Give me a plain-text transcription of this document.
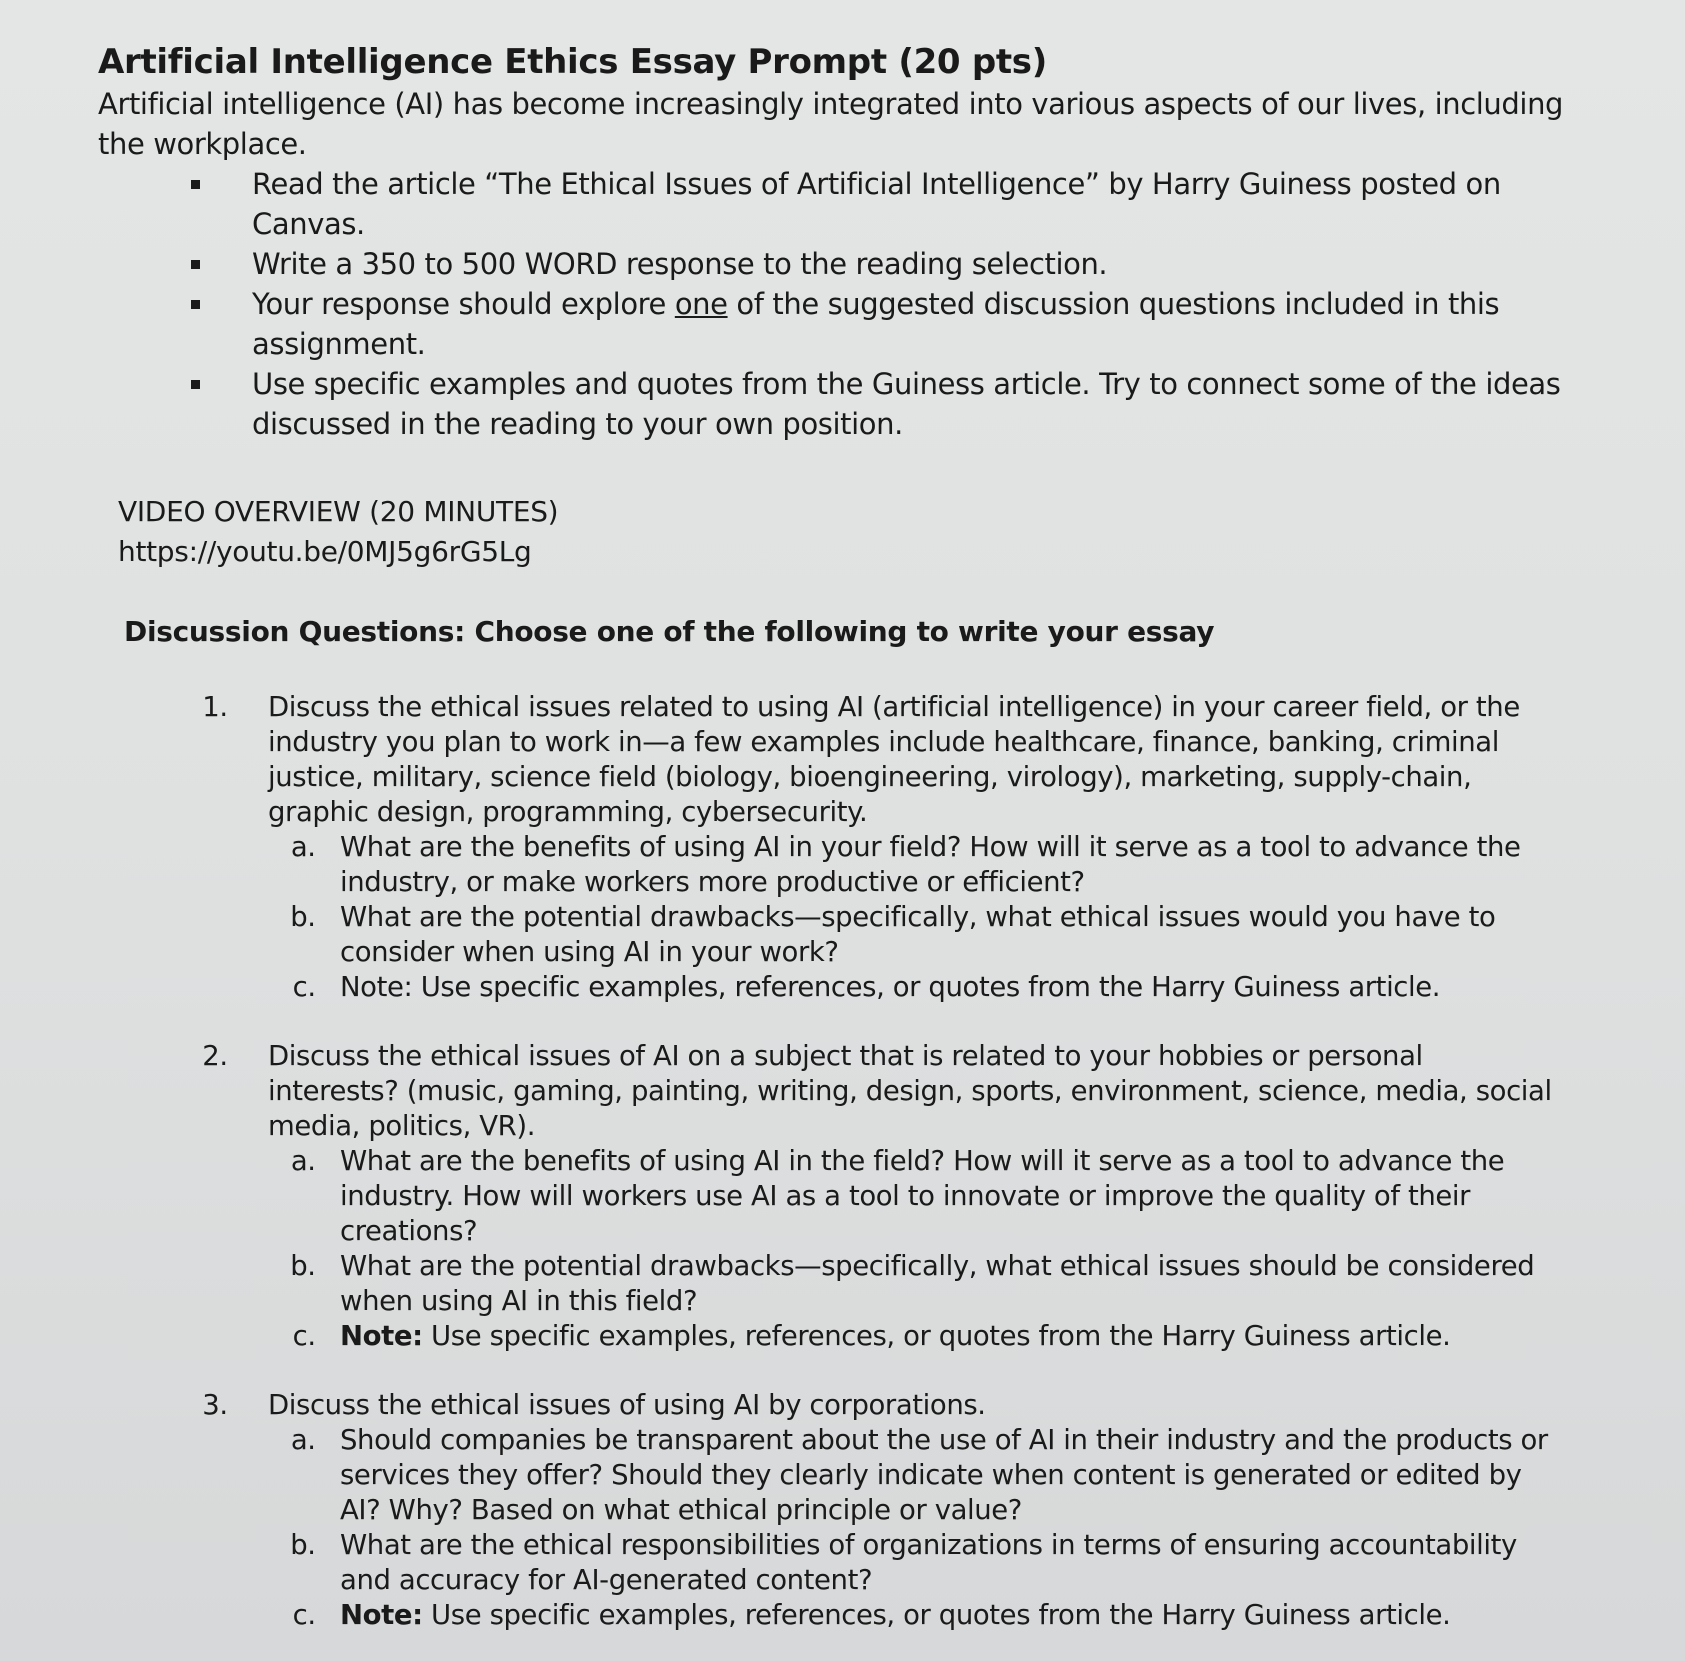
Artificial Intelligence Ethics Essay Prompt (20 pts)

Artificial intelligence (AI) has become increasingly integrated into various aspects of our lives, including the workplace.

▪ Read the article “The Ethical Issues of Artificial Intelligence” by Harry Guiness posted on Canvas.
▪ Write a 350 to 500 WORD response to the reading selection.
▪ Your response should explore one of the suggested discussion questions included in this assignment.
▪ Use specific examples and quotes from the Guiness article. Try to connect some of the ideas discussed in the reading to your own position.

VIDEO OVERVIEW (20 MINUTES)

https://youtu.be/0MJ5g6rG5Lg

Discussion Questions: Choose one of the following to write your essay

1. Discuss the ethical issues related to using AI (artificial intelligence) in your career field, or the industry you plan to work in—a few examples include healthcare, finance, banking, criminal justice, military, science field (biology, bioengineering, virology), marketing, supply-chain, graphic design, programming, cybersecurity.
a. What are the benefits of using AI in your field? How will it serve as a tool to advance the industry, or make workers more productive or efficient?
b. What are the potential drawbacks—specifically, what ethical issues would you have to consider when using AI in your work?
c. Note: Use specific examples, references, or quotes from the Harry Guiness article.
2. Discuss the ethical issues of AI on a subject that is related to your hobbies or personal interests? (music, gaming, painting, writing, design, sports, environment, science, media, social media, politics, VR).
a. What are the benefits of using AI in the field? How will it serve as a tool to advance the industry. How will workers use AI as a tool to innovate or improve the quality of their creations?
b. What are the potential drawbacks—specifically, what ethical issues should be considered when using AI in this field?
c. Note: Use specific examples, references, or quotes from the Harry Guiness article.
3. Discuss the ethical issues of using AI by corporations.
a. Should companies be transparent about the use of AI in their industry and the products or services they offer? Should they clearly indicate when content is generated or edited by AI? Why? Based on what ethical principle or value?
b. What are the ethical responsibilities of organizations in terms of ensuring accountability and accuracy for AI-generated content?
c. Note: Use specific examples, references, or quotes from the Harry Guiness article.
